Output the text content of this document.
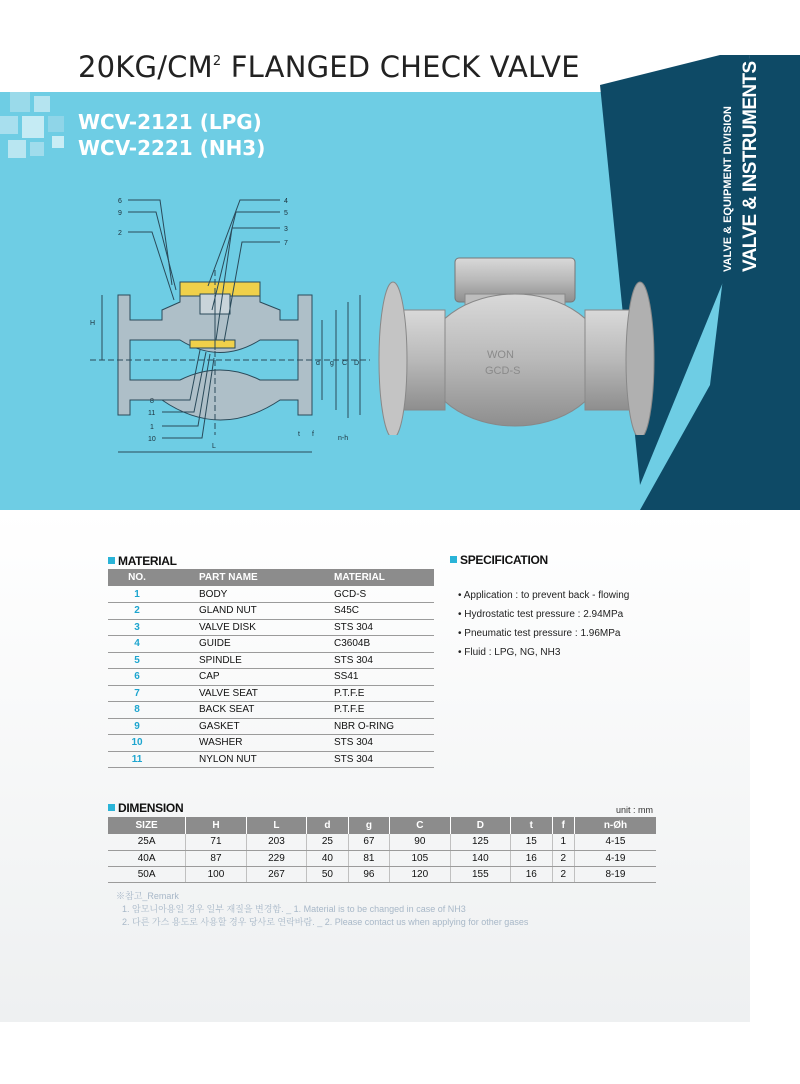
$20KG/CM^2$ FLANGED CHECK VALVE
WCV-2121 (LPG)
WCV-2221 (NH3)	VALVE & EQUIPMENT DIVISION VALVE & INSTRUMENTS
6
9
2
4
5
3
7
8
11
1
10
H
d g C D
L
t f
n-h
WON
GCD-S
MATERIAL
NO.	PART NAME	MATERIAL
1	BODY	GCD-S
2	GLAND NUT	S45C
3	VALVE DISK	STS 304
4	GUIDE	C3604B
5	SPINDLE	STS 304
6	CAP	SS41
7	VALVE SEAT	P.T.F.E
8	BACK SEAT	P.T.F.E
9	GASKET	NBR O-RING
10	WASHER	STS 304
11	NYLON NUT	STS 304
SPECIFICATION
• Application : to prevent back - flowing
• Hydrostatic test pressure : 2.94MPa
• Pneumatic test pressure : 1.96MPa
• Fluid : LPG, NG, NH3
DIMENSION	unit : mm
SIZE	H	L	d	g	C	D	t	f	n-Øh
25A	71	203	25	67	90	125	15	1	4-15
40A	87	229	40	81	105	140	16	2	4-19
50A	100	267	50	96	120	155	16	2	8-19
※참고_Remark
1. 암모니아용일 경우 일부 재질을 변경함. _ 1. Material is to be changed in case of NH3
2. 다른 가스 용도로 사용할 경우 당사로 연락바람. _ 2. Please contact us when applying for other gases
